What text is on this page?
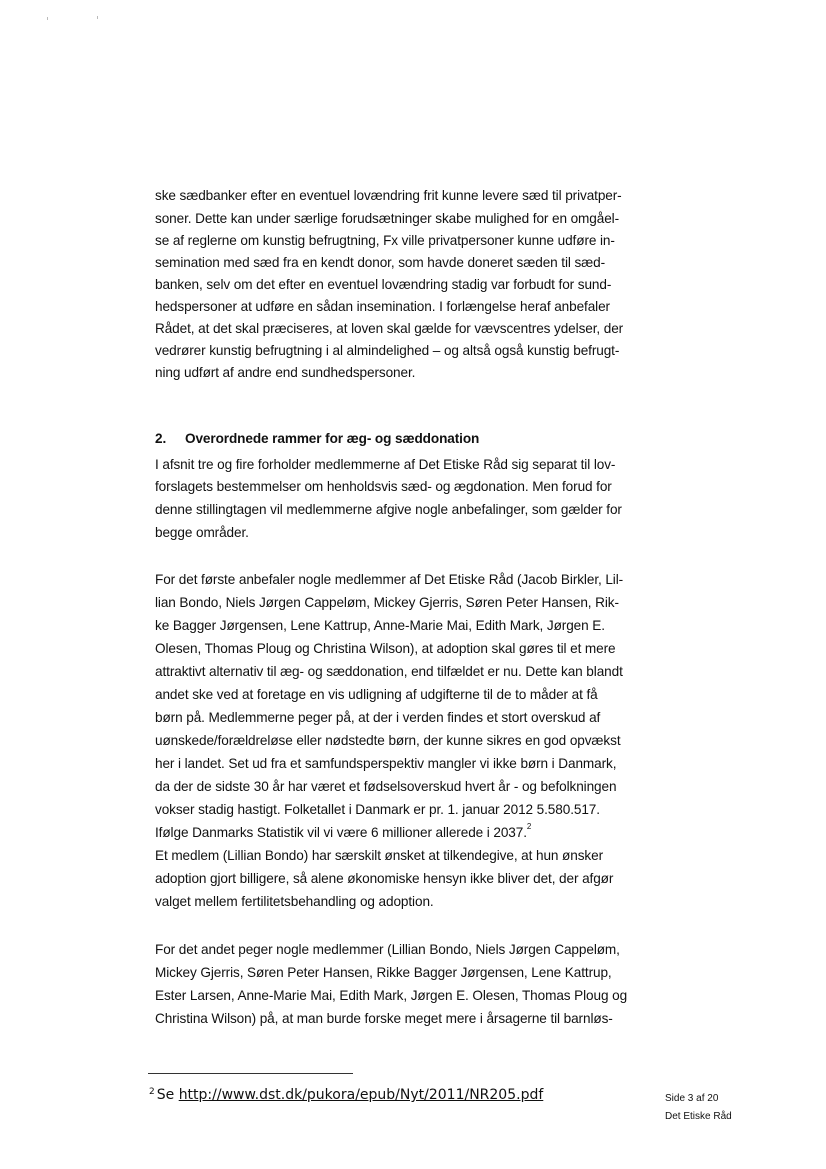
ske sædbanker efter en eventuel lovændring frit kunne levere sæd til privatper-
soner. Dette kan under særlige forudsætninger skabe mulighed for en omgåel-
se af reglerne om kunstig befrugtning, Fx ville privatpersoner kunne udføre in-
semination med sæd fra en kendt donor, som havde doneret sæden til sæd-
banken, selv om det efter en eventuel lovændring stadig var forbudt for sund-
hedspersoner at udføre en sådan insemination. I forlængelse heraf anbefaler
Rådet, at det skal præciseres, at loven skal gælde for vævscentres ydelser, der
vedrører kunstig befrugtning i al almindelighed – og altså også kunstig befrugt-
ning udført af andre end sundhedspersoner.
2. Overordnede rammer for æg- og sæddonation
I afsnit tre og fire forholder medlemmerne af Det Etiske Råd sig separat til lov-
forslagets bestemmelser om henholdsvis sæd- og ægdonation. Men forud for
denne stillingtagen vil medlemmerne afgive nogle anbefalinger, som gælder for
begge områder.
For det første anbefaler nogle medlemmer af Det Etiske Råd (Jacob Birkler, Lil-
lian Bondo, Niels Jørgen Cappeløm, Mickey Gjerris, Søren Peter Hansen, Rik-
ke Bagger Jørgensen, Lene Kattrup, Anne-Marie Mai, Edith Mark, Jørgen E.
Olesen, Thomas Ploug og Christina Wilson), at adoption skal gøres til et mere
attraktivt alternativ til æg- og sæddonation, end tilfældet er nu. Dette kan blandt
andet ske ved at foretage en vis udligning af udgifterne til de to måder at få
børn på. Medlemmerne peger på, at der i verden findes et stort overskud af
uønskede/forældreløse eller nødstedte børn, der kunne sikres en god opvækst
her i landet. Set ud fra et samfundsperspektiv mangler vi ikke børn i Danmark,
da der de sidste 30 år har været et fødselsoverskud hvert år - og befolkningen
vokser stadig hastigt. Folketallet i Danmark er pr. 1. januar 2012 5.580.517.
Ifølge Danmarks Statistik vil vi være 6 millioner allerede i 2037.$^2$
Et medlem (Lillian Bondo) har særskilt ønsket at tilkendegive, at hun ønsker
adoption gjort billigere, så alene økonomiske hensyn ikke bliver det, der afgør
valget mellem fertilitetsbehandling og adoption.
For det andet peger nogle medlemmer (Lillian Bondo, Niels Jørgen Cappeløm,
Mickey Gjerris, Søren Peter Hansen, Rikke Bagger Jørgensen, Lene Kattrup,
Ester Larsen, Anne-Marie Mai, Edith Mark, Jørgen E. Olesen, Thomas Ploug og
Christina Wilson) på, at man burde forske meget mere i årsagerne til barnløs-
$^2$ Se http://www.dst.dk/pukora/epub/Nyt/2011/NR205.pdf	Side 3 af 20
Det Etiske Råd
